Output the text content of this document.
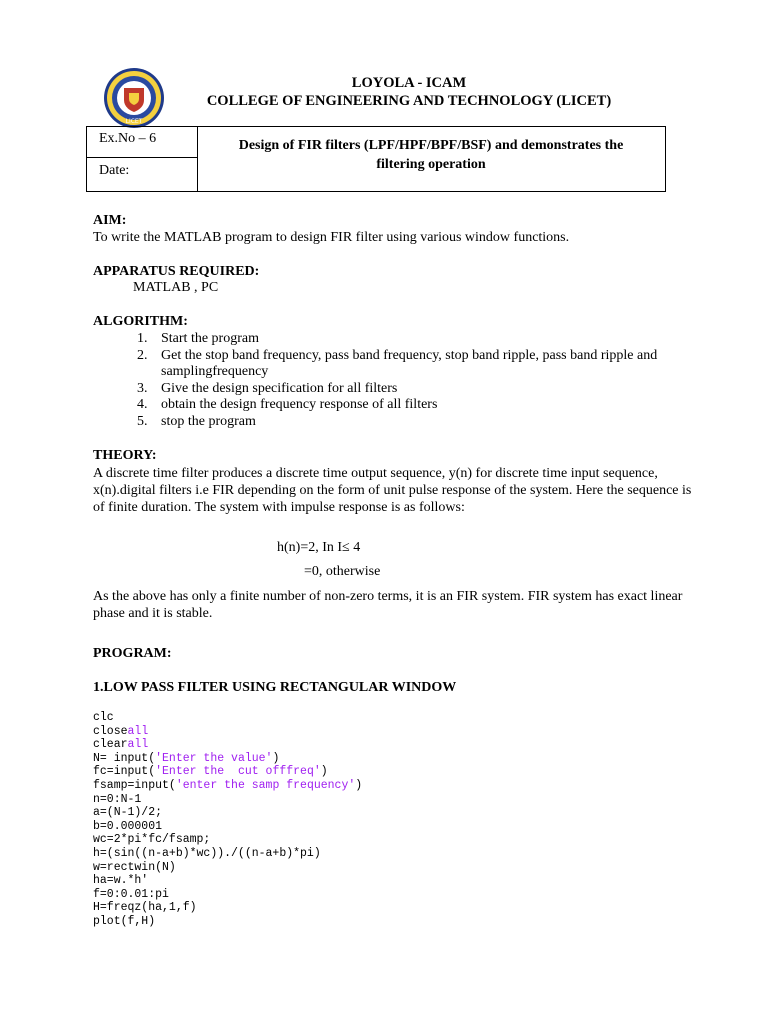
LICET
LOYOLA - ICAM
COLLEGE OF ENGINEERING AND TECHNOLOGY (LICET)
Ex.No – 6
Date:
Design of FIR filters (LPF/HPF/BPF/BSF) and demonstrates the
filtering operation
AIM:
To write the MATLAB program to design FIR filter using various window functions.
APPARATUS REQUIRED:
MATLAB , PC
ALGORITHM:
1. Start the program
2. Get the stop band frequency, pass band frequency, stop band ripple, pass band ripple and samplingfrequency
3. Give the design specification for all filters
4. obtain the design frequency response of all filters
5. stop the program
THEORY:
A discrete time filter produces a discrete time output sequence, y(n) for discrete time input sequence, x(n).digital filters i.e FIR depending on the form of unit pulse response of the system. Here the sequence is of finite duration. The system with impulse response is as follows:
h(n)=2, In I≤ 4
=0, otherwise
As the above has only a finite number of non-zero terms, it is an FIR system. FIR system has exact linear phase and it is stable.
PROGRAM:
1.LOW PASS FILTER USING RECTANGULAR WINDOW
clc
closeall
clearall
N= input('Enter the value')
fc=input('Enter the  cut offfreq')
fsamp=input('enter the samp frequency')
n=0:N-1
a=(N-1)/2;
b=0.000001
wc=2*pi*fc/fsamp;
h=(sin((n-a+b)*wc))./((n-a+b)*pi)
w=rectwin(N)
ha=w.*h'
f=0:0.01:pi
H=freqz(ha,1,f)
plot(f,H)
